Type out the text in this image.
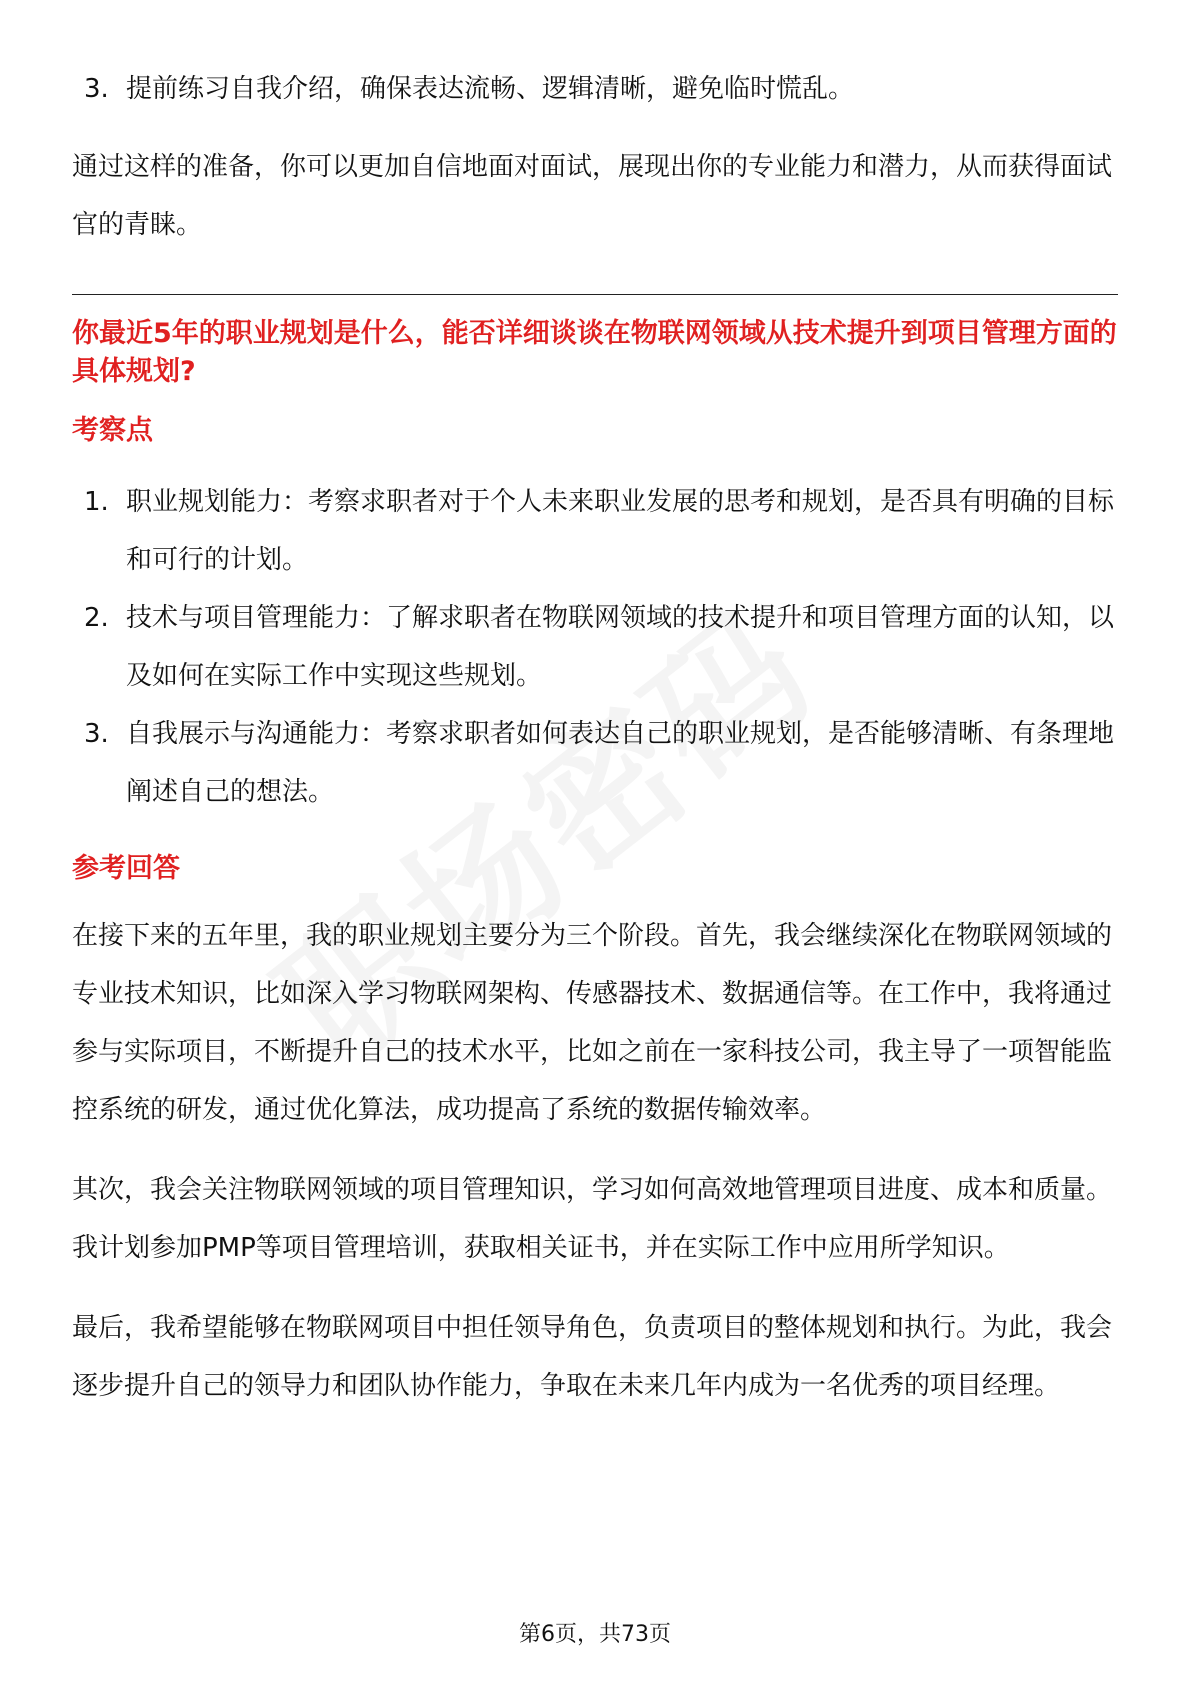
3. 提前练习自我介绍，确保表达流畅、逻辑清晰，避免临时慌乱。

通过这样的准备，你可以更加自信地面对面试，展现出你的专业能力和潜力，从而获得面试官的青睐。

你最近5年的职业规划是什么，能否详细谈谈在物联网领域从技术提升到项目管理方面的具体规划?
考察点
1. 职业规划能力：考察求职者对于个人未来职业发展的思考和规划，是否具有明确的目标和可行的计划。
2. 技术与项目管理能力：了解求职者在物联网领域的技术提升和项目管理方面的认知，以及如何在实际工作中实现这些规划。
3. 自我展示与沟通能力：考察求职者如何表达自己的职业规划，是否能够清晰、有条理地阐述自己的想法。
参考回答

在接下来的五年里，我的职业规划主要分为三个阶段。首先，我会继续深化在物联网领域的专业技术知识，比如深入学习物联网架构、传感器技术、数据通信等。在工作中，我将通过参与实际项目，不断提升自己的技术水平，比如之前在一家科技公司，我主导了一项智能监控系统的研发，通过优化算法，成功提高了系统的数据传输效率。

其次，我会关注物联网领域的项目管理知识，学习如何高效地管理项目进度、成本和质量。我计划参加PMP等项目管理培训，获取相关证书，并在实际工作中应用所学知识。

最后，我希望能够在物联网项目中担任领导角色，负责项目的整体规划和执行。为此，我会逐步提升自己的领导力和团队协作能力，争取在未来几年内成为一名优秀的项目经理。

第6页，共73页
